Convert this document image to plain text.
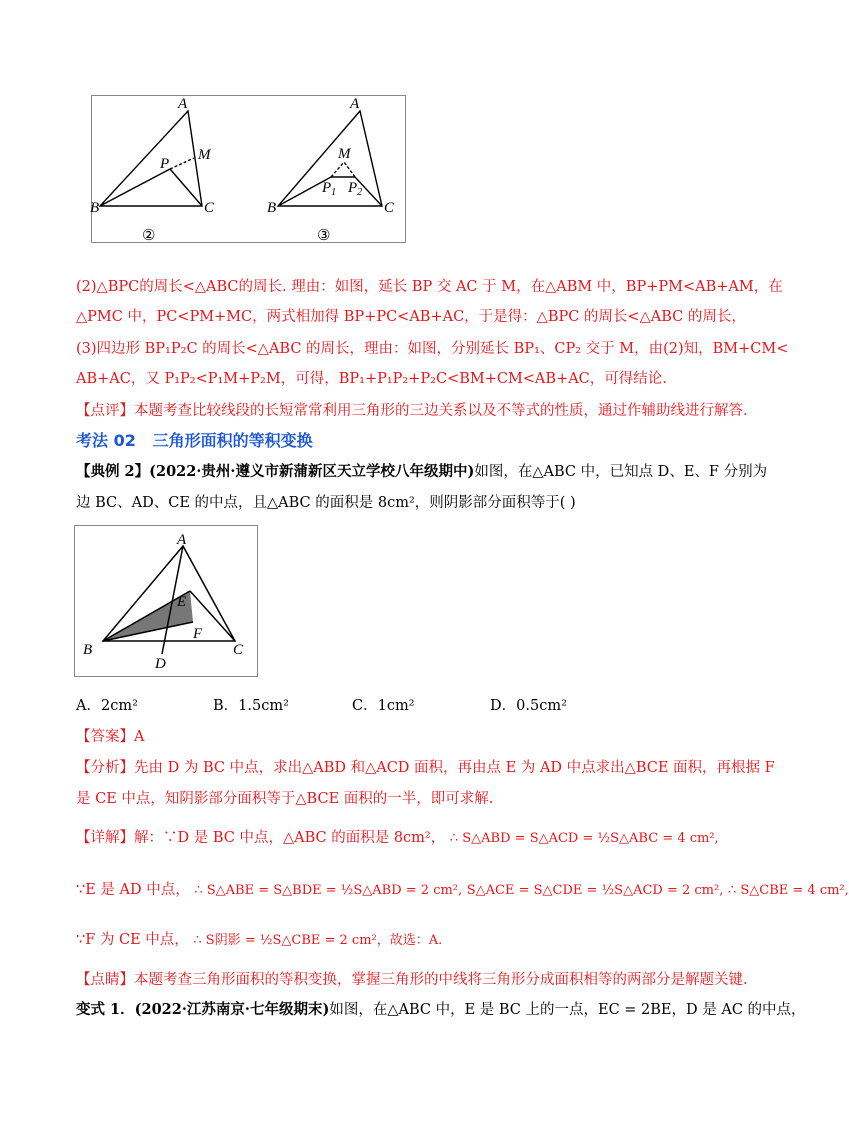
A
B	C
P
M
②
A
B	C
M
$P_1$ $P_2$
③
(2)△BPC的周长<△ABC的周长. 理由：如图，延长 BP 交 AC 于 M，在△ABM 中，BP+PM<AB+AM，在
△PMC 中，PC<PM+MC，两式相加得 BP+PC<AB+AC，于是得：△BPC 的周长<△ABC 的周长，
(3)四边形 BP₁P₂C 的周长<△ABC 的周长，理由：如图，分别延长 BP₁、CP₂ 交于 M，由(2)知，BM+CM<
AB+AC，又 P₁P₂<P₁M+P₂M，可得，BP₁+P₁P₂+P₂C<BM+CM<AB+AC，可得结论.
【点评】本题考查比较线段的长短常常利用三角形的三边关系以及不等式的性质，通过作辅助线进行解答.
考法 02 三角形面积的等积变换
【典例 2】(2022·贵州·遵义市新蒲新区天立学校八年级期中)如图，在△ABC 中，已知点 D、E、F 分别为
边 BC、AD、CE 的中点，且△ABC 的面积是 8cm²，则阴影部分面积等于( )
A
B	C
D
E
F
A．2cm²	B．1.5cm²	C．1cm²	D．0.5cm²
【答案】A
【分析】先由 D 为 BC 中点，求出△ABD 和△ACD 面积，再由点 E 为 AD 中点求出△BCE 面积，再根据 F
是 CE 中点，知阴影部分面积等于△BCE 面积的一半，即可求解.
【详解】解：∵D 是 BC 中点，△ABC 的面积是 8cm²， ∴ S△ABD = S△ACD = ½S△ABC = 4 cm²,
∵E 是 AD 中点， ∴ S△ABE = S△BDE = ½S△ABD = 2 cm², S△ACE = S△CDE = ½S△ACD = 2 cm², ∴ S△CBE = 4 cm²,
∵F 为 CE 中点， ∴ S阴影 = ½S△CBE = 2 cm²，故选：A.
【点睛】本题考查三角形面积的等积变换，掌握三角形的中线将三角形分成面积相等的两部分是解题关键.
变式 1．(2022·江苏南京·七年级期末)如图，在△ABC 中，E 是 BC 上的一点，EC = 2BE，D 是 AC 的中点，
